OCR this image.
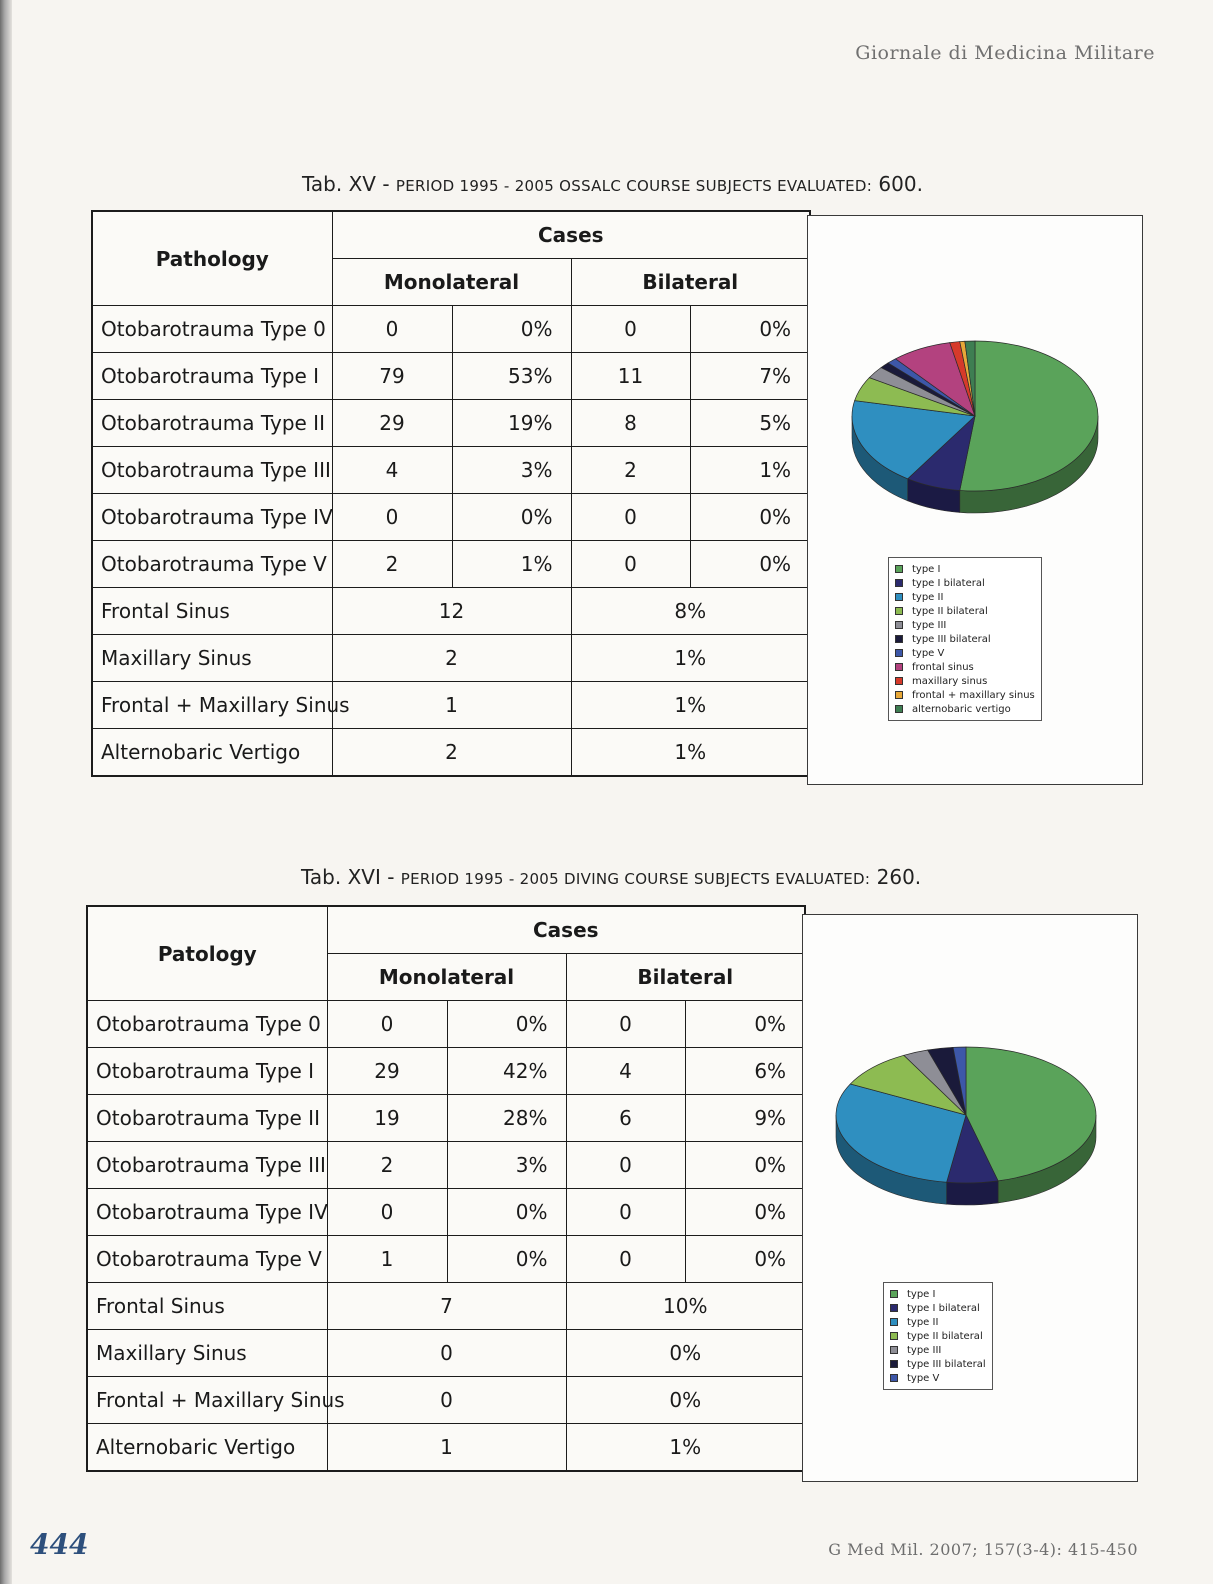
Giornale di Medicina Militare
Tab. XV - PERIOD 1995 - 2005 OSSALC COURSE SUBJECTS EVALUATED: 600.
Pathology	Cases			
	Monolateral		Bilateral	
Otobarotrauma Type 0	0	0%	0	0%
Otobarotrauma Type I	79	53%	11	7%
Otobarotrauma Type II	29	19%	8	5%
Otobarotrauma Type III	4	3%	2	1%
Otobarotrauma Type IV	0	0%	0	0%
Otobarotrauma Type V	2	1%	0	0%
Frontal Sinus	12		8%	
Maxillary Sinus	2		1%	
Frontal + Maxillary Sinus	1		1%	
Alternobaric Vertigo	2		1%	
type I
type I bilateral
type II
type II bilateral
type III
type III bilateral
type V
frontal sinus
maxillary sinus
frontal + maxillary sinus
alternobaric vertigo
Tab. XVI - PERIOD 1995 - 2005 DIVING COURSE SUBJECTS EVALUATED: 260.
Patology	Cases			
	Monolateral		Bilateral	
Otobarotrauma Type 0	0	0%	0	0%
Otobarotrauma Type I	29	42%	4	6%
Otobarotrauma Type II	19	28%	6	9%
Otobarotrauma Type III	2	3%	0	0%
Otobarotrauma Type IV	0	0%	0	0%
Otobarotrauma Type V	1	0%	0	0%
Frontal Sinus	7		10%	
Maxillary Sinus	0		0%	
Frontal + Maxillary Sinus	0		0%	
Alternobaric Vertigo	1		1%	
type I
type I bilateral
type II
type II bilateral
type III
type III bilateral
type V
444	G Med Mil. 2007; 157(3-4): 415-450
